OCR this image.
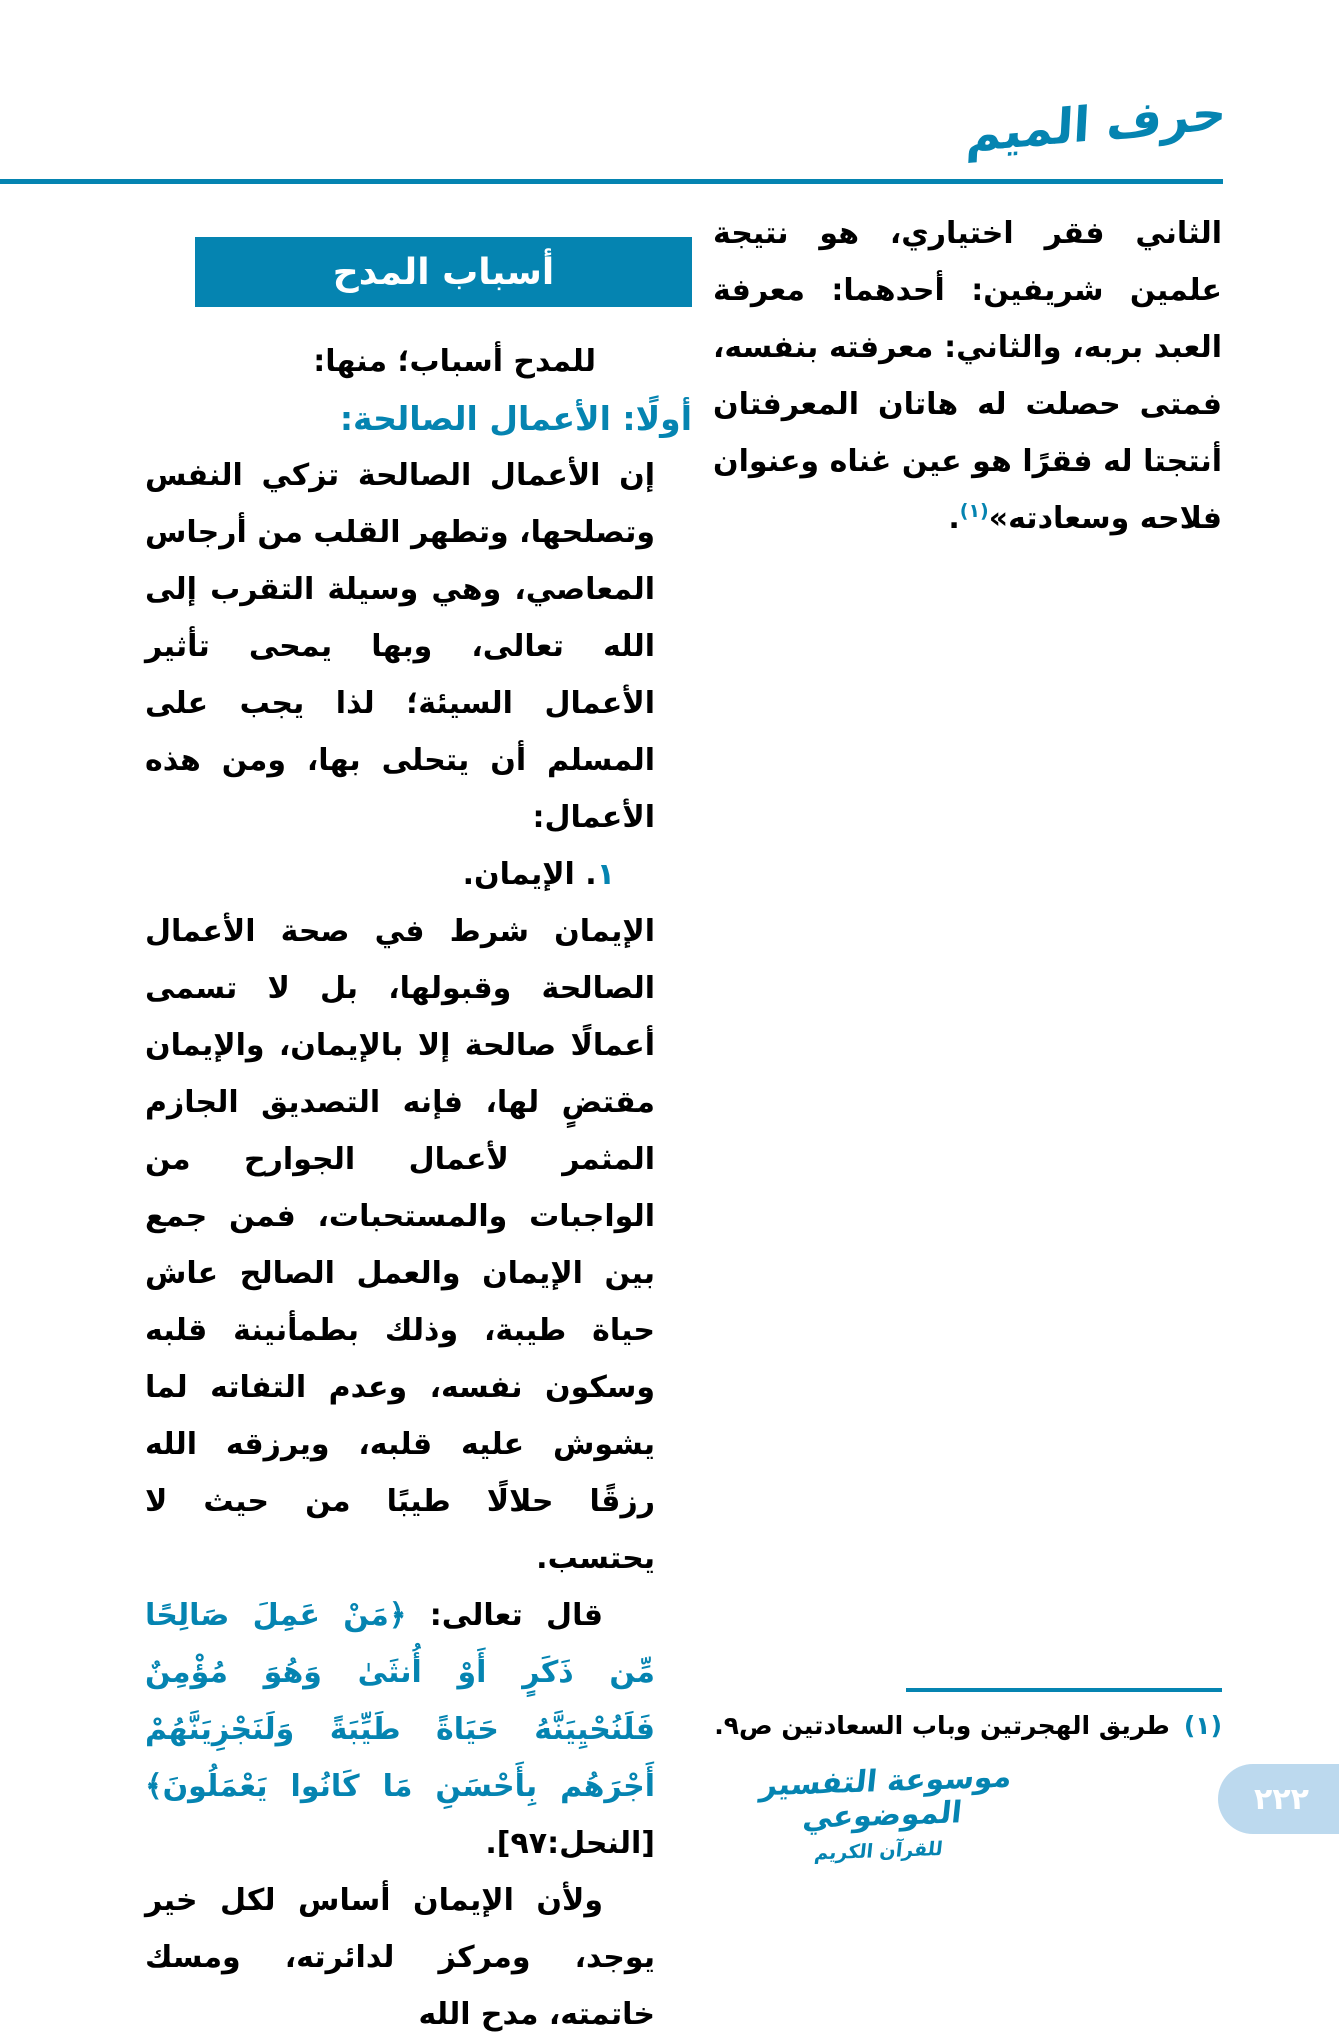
حرف الميم

الثاني فقر اختياري، هو نتيجة علمين شريفين: أحدهما: معرفة العبد بربه، والثاني: معرفته بنفسه، فمتى حصلت له هاتان المعرفتان أنتجتا له فقرًا هو عين غناه وعنوان فلاحه وسعادته»$^{(١)}$.

أسباب المدح

للمدح أسباب؛ منها:

أولًا: الأعمال الصالحة:

إن الأعمال الصالحة تزكي النفس وتصلحها، وتطهر القلب من أرجاس المعاصي، وهي وسيلة التقرب إلى الله تعالى، وبها يمحى تأثير الأعمال السيئة؛ لذا يجب على المسلم أن يتحلى بها، ومن هذه الأعمال:

١. الإيمان.

الإيمان شرط في صحة الأعمال الصالحة وقبولها، بل لا تسمى أعمالًا صالحة إلا بالإيمان، والإيمان مقتضٍ لها، فإنه التصديق الجازم المثمر لأعمال الجوارح من الواجبات والمستحبات، فمن جمع بين الإيمان والعمل الصالح عاش حياة طيبة، وذلك بطمأنينة قلبه وسكون نفسه، وعدم التفاته لما يشوش عليه قلبه، ويرزقه الله رزقًا حلالًا طيبًا من حيث لا يحتسب.

قال تعالى: ﴿مَنْ عَمِلَ صَالِحًا مِّن ذَكَرٍ أَوْ أُنثَىٰ وَهُوَ مُؤْمِنٌ فَلَنُحْيِيَنَّهُ حَيَاةً طَيِّبَةً وَلَنَجْزِيَنَّهُمْ أَجْرَهُم بِأَحْسَنِ مَا كَانُوا يَعْمَلُونَ﴾ [النحل:٩٧].

ولأن الإيمان أساس لكل خير يوجد، ومركز لدائرته، ومسك خاتمته، مدح الله

(١)طريق الهجرتين وباب السعادتين ص٩.
موسوعة التفسير الموضوعي
للقرآن الكريم
٢٢٢
